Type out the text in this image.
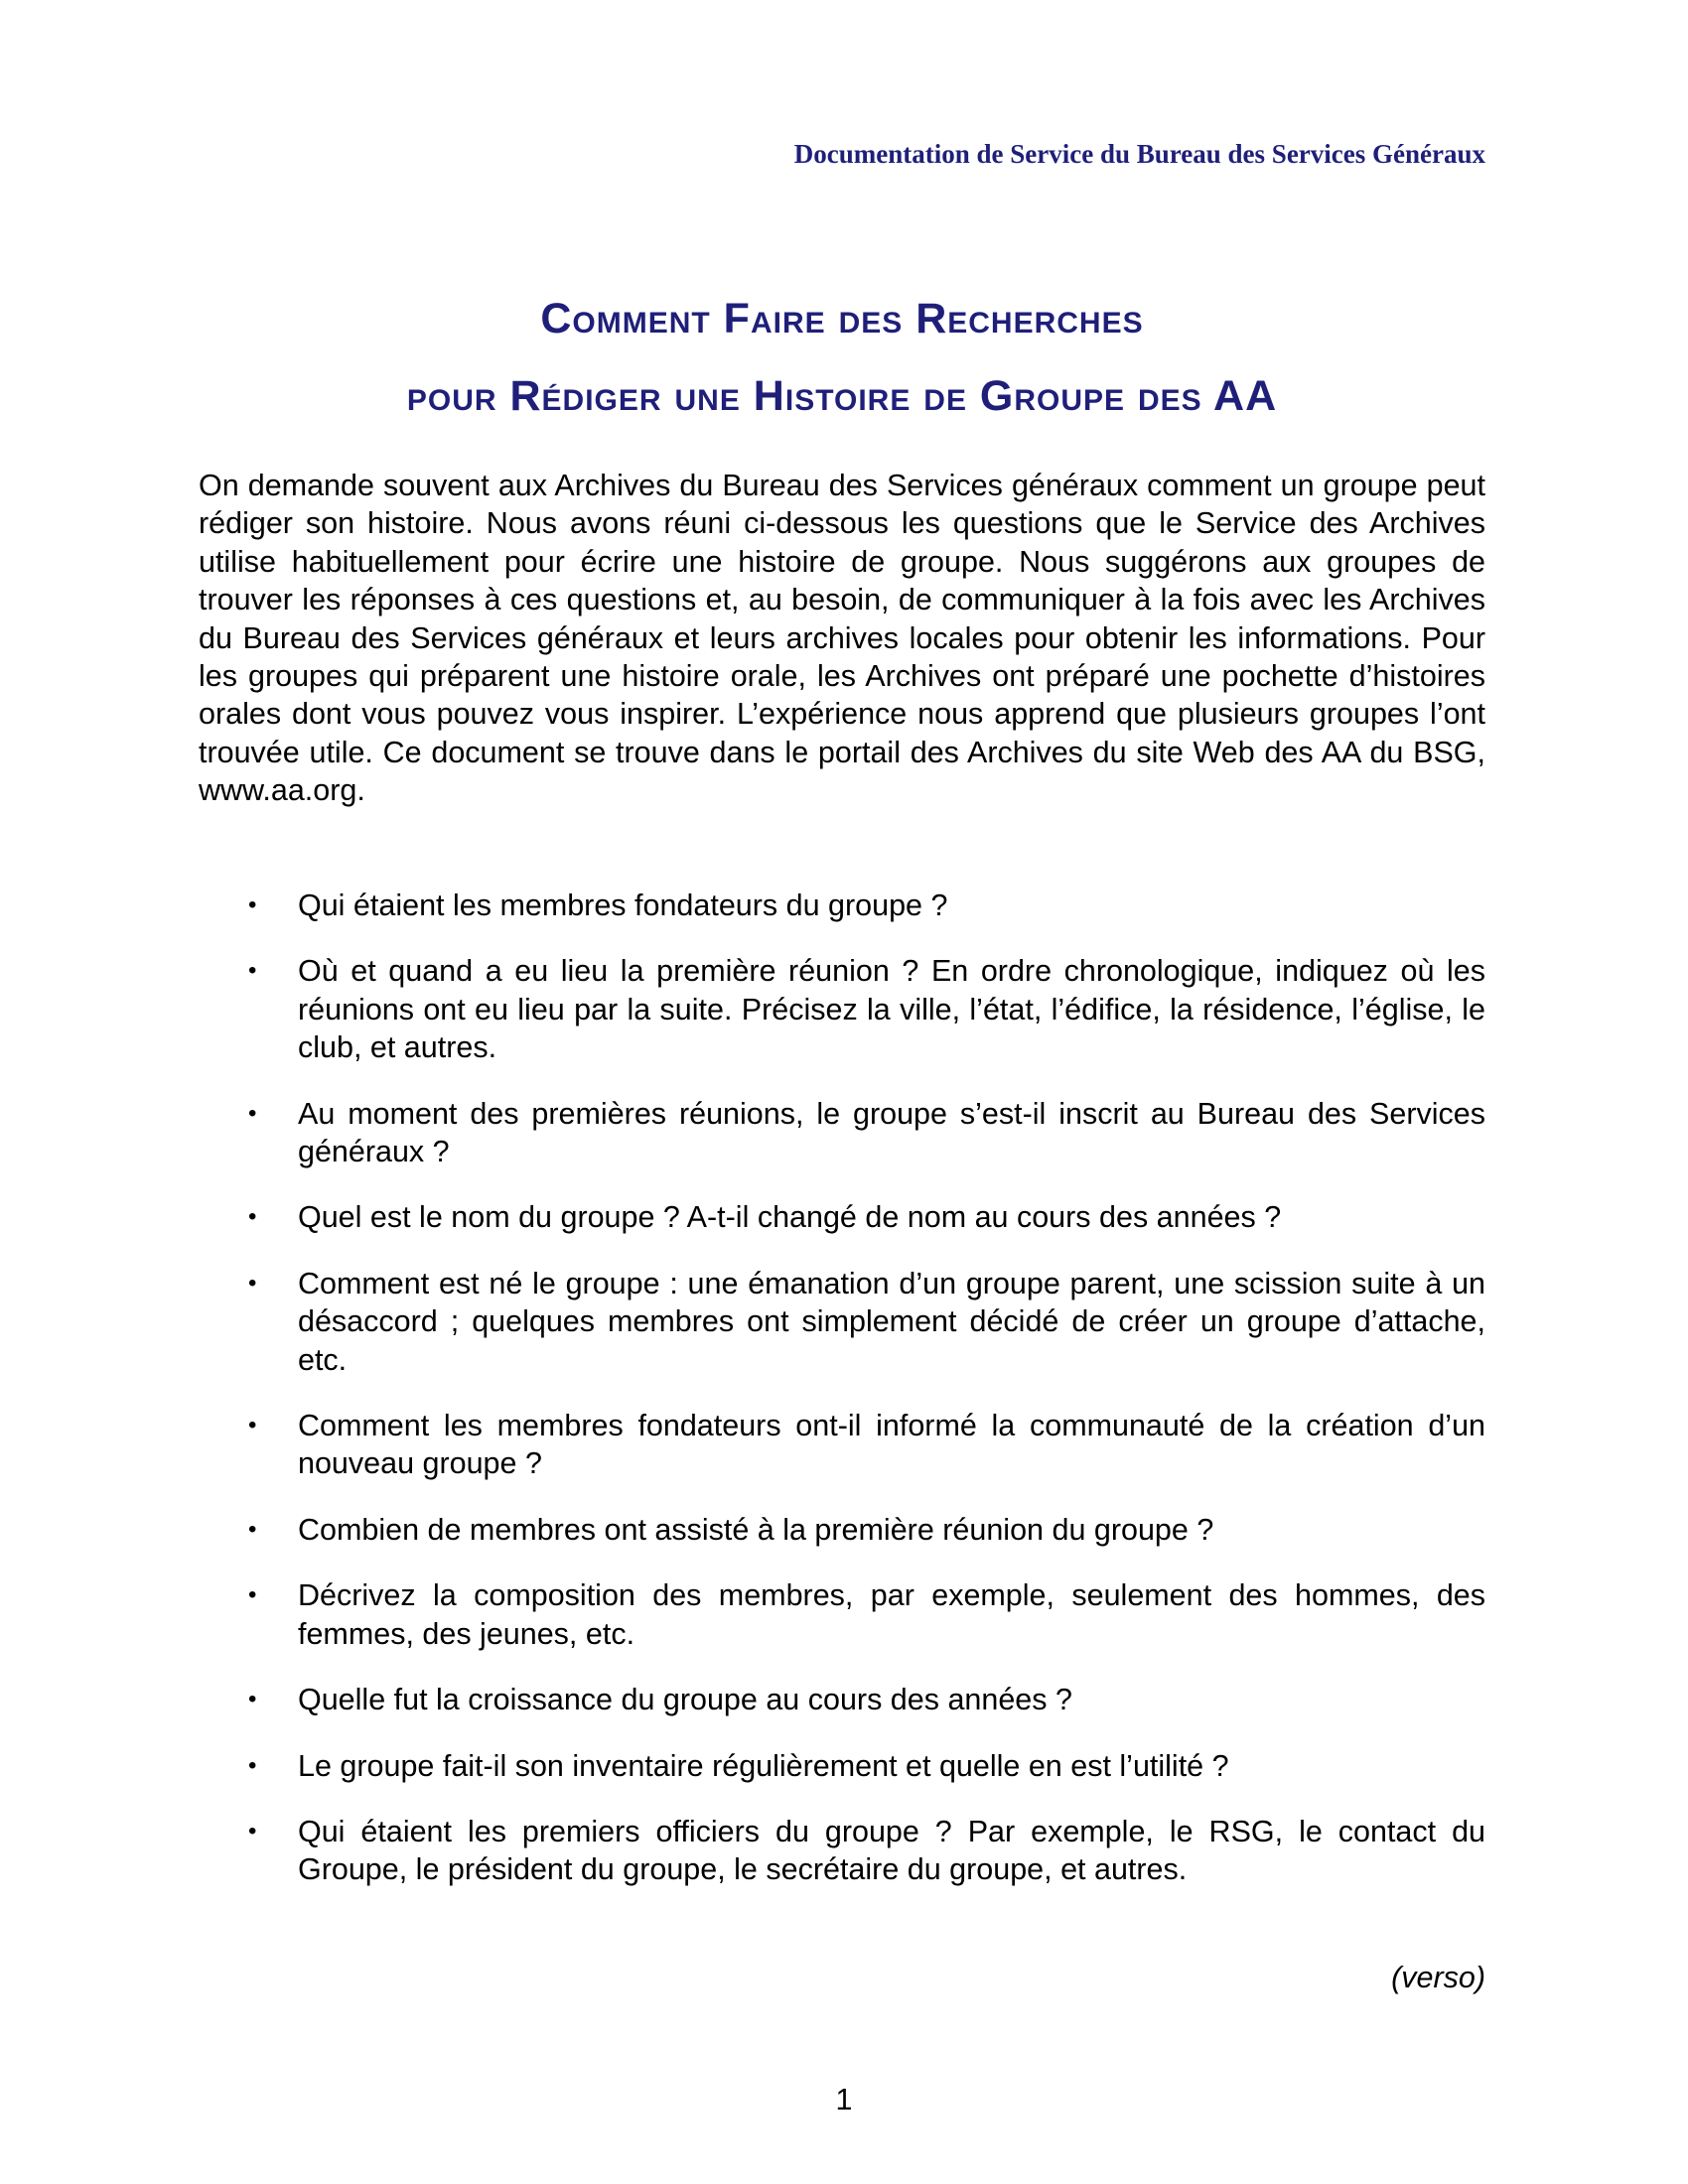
Documentation de Service du Bureau des Services Généraux
Comment Faire des Recherches
pour Rédiger une Histoire de Groupe des AA

On demande souvent aux Archives du Bureau des Services généraux comment un groupe peut rédiger son histoire. Nous avons réuni ci-dessous les questions que le Service des Archives utilise habituellement pour écrire une histoire de groupe. Nous suggérons aux groupes de trouver les réponses à ces questions et, au besoin, de communiquer à la fois avec les Archives du Bureau des Services généraux et leurs archives locales pour obtenir les informations. Pour les groupes qui préparent une histoire orale, les Archives ont préparé une pochette d’histoires orales dont vous pouvez vous inspirer. L’expérience nous apprend que plusieurs groupes l’ont trouvée utile. Ce document se trouve dans le portail des Archives du site Web des AA du BSG, www.aa.org.

• Qui étaient les membres fondateurs du groupe ?
• Où et quand a eu lieu la première réunion ? En ordre chronologique, indiquez où les réunions ont eu lieu par la suite. Précisez la ville, l’état, l’édifice, la résidence, l’église, le club, et autres.
• Au moment des premières réunions, le groupe s’est-il inscrit au Bureau des Services généraux ?
• Quel est le nom du groupe ? A-t-il changé de nom au cours des années ?
• Comment est né le groupe : une émanation d’un groupe parent, une scission suite à un désaccord ; quelques membres ont simplement décidé de créer un groupe d’attache, etc.
• Comment les membres fondateurs ont-il informé la communauté de la création d’un nouveau groupe ?
• Combien de membres ont assisté à la première réunion du groupe ?
• Décrivez la composition des membres, par exemple, seulement des hommes, des femmes, des jeunes, etc.
• Quelle fut la croissance du groupe au cours des années ?
• Le groupe fait-il son inventaire régulièrement et quelle en est l’utilité ?
• Qui étaient les premiers officiers du groupe ? Par exemple, le RSG, le contact du Groupe, le président du groupe, le secrétaire du groupe, et autres.
(verso)
1
